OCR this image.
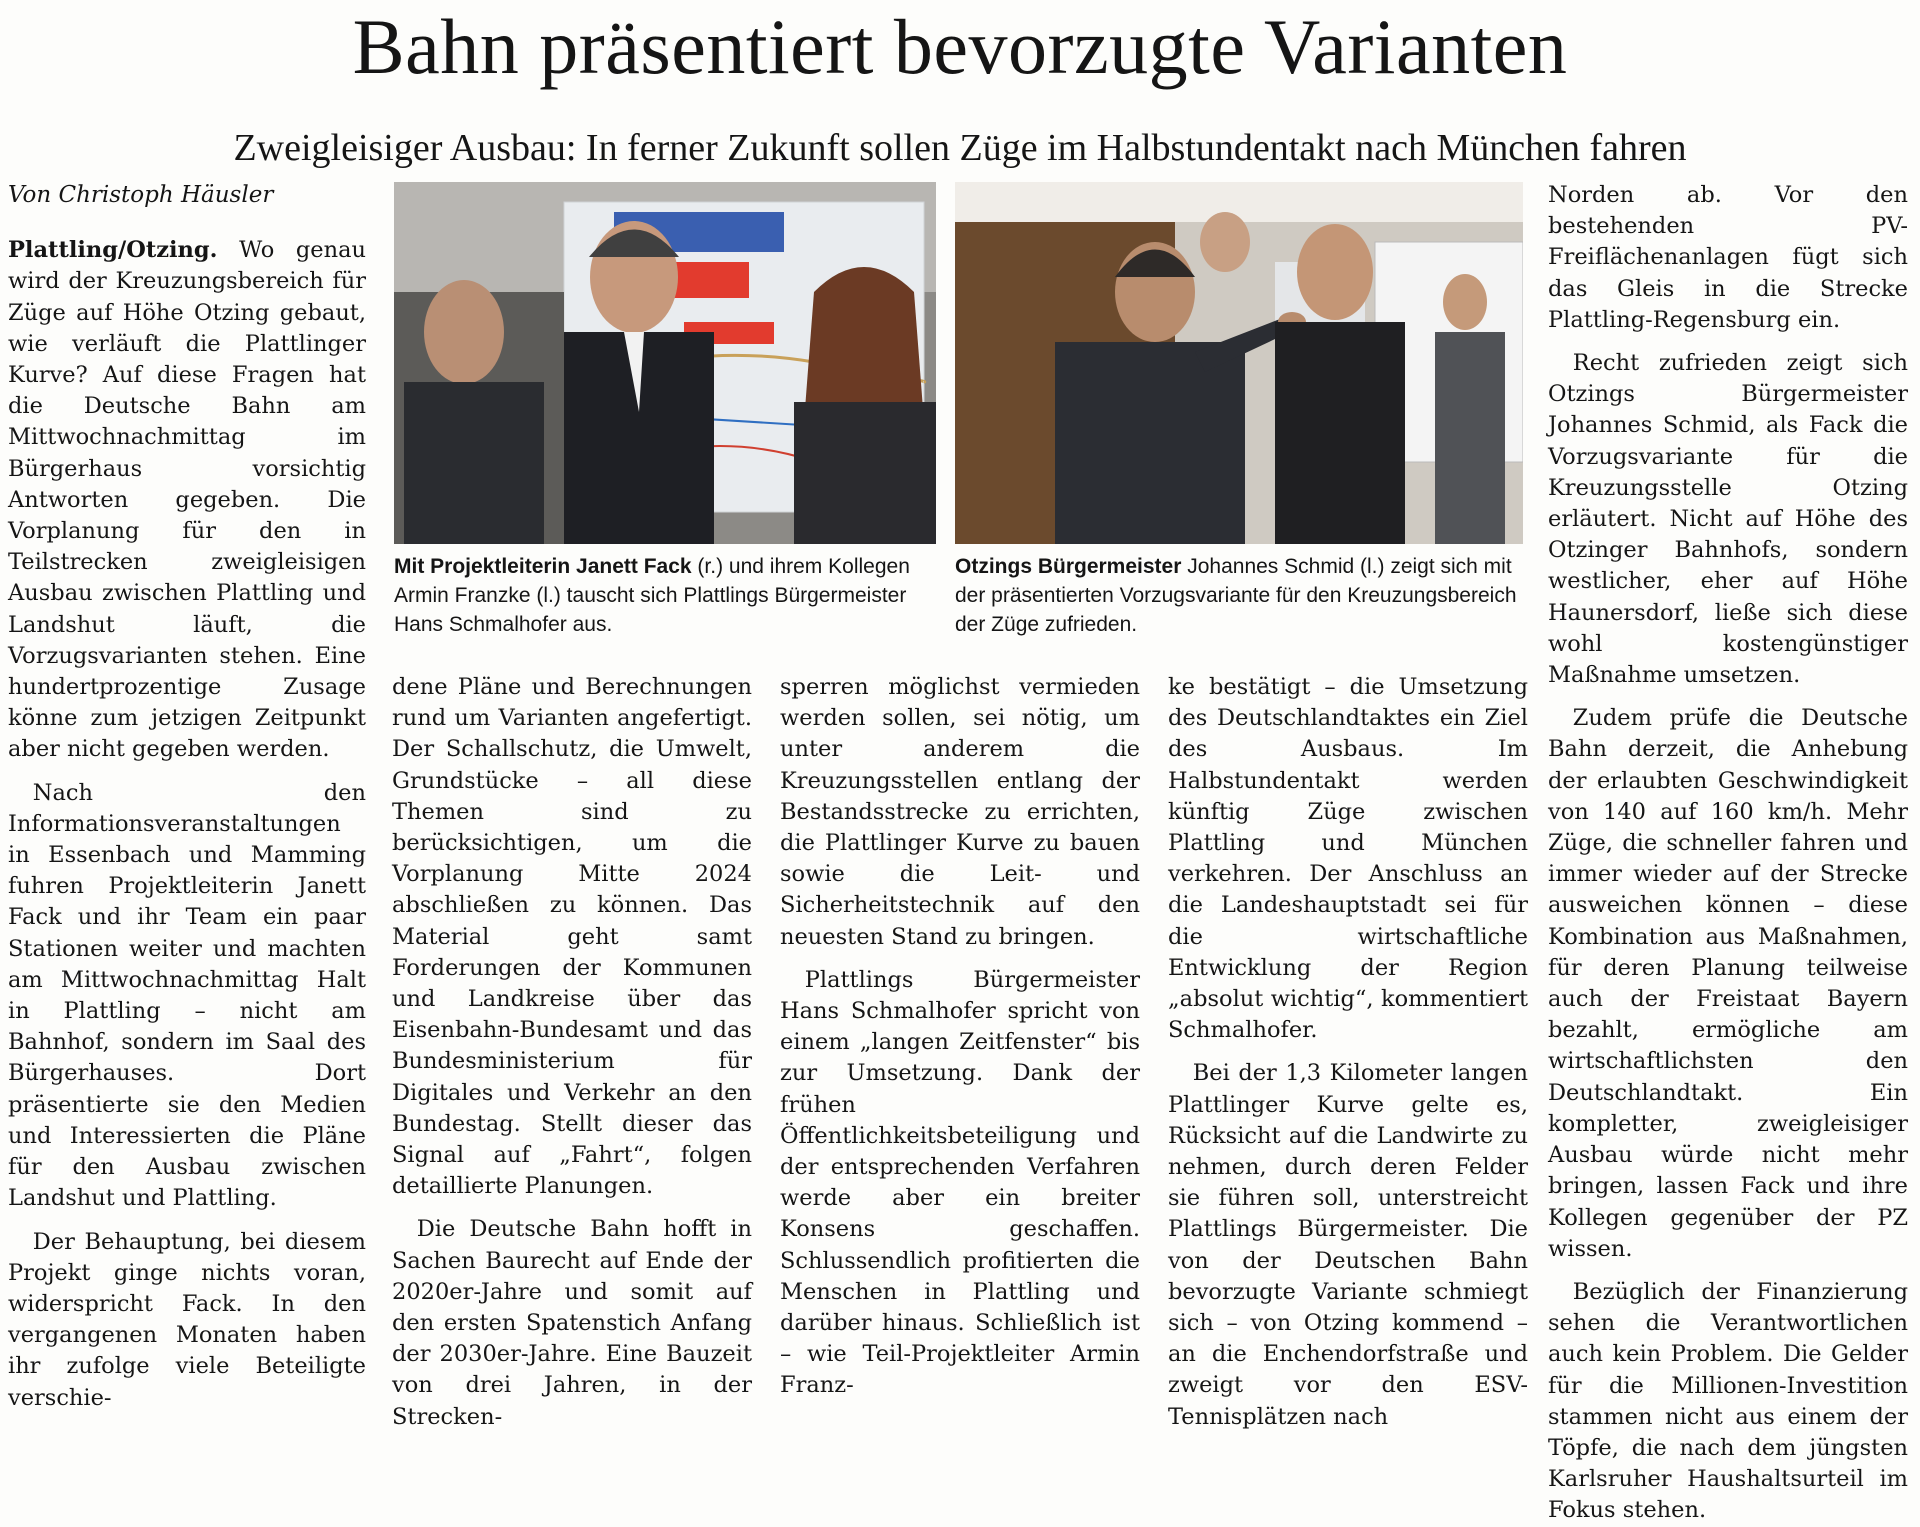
Bahn präsentiert bevorzugte Varianten
Zweigleisiger Ausbau: In ferner Zukunft sollen Züge im Halbstundentakt nach München fahren

Von Christoph Häusler

Plattling/Otzing. Wo genau wird der Kreuzungsbereich für Züge auf Höhe Otzing gebaut, wie verläuft die Plattlinger Kurve? Auf diese Fragen hat die Deutsche Bahn am Mittwochnachmittag im Bürgerhaus vorsichtig Antworten gegeben. Die Vorplanung für den in Teilstrecken zweigleisigen Ausbau zwischen Plattling und Landshut läuft, die Vorzugsvarianten stehen. Eine hundertprozentige Zusage könne zum jetzigen Zeitpunkt aber nicht gegeben werden.

Nach den Informationsveranstaltungen in Essenbach und Mamming fuhren Projektleiterin Janett Fack und ihr Team ein paar Stationen weiter und machten am Mittwochnachmittag Halt in Plattling – nicht am Bahnhof, sondern im Saal des Bürgerhauses. Dort präsentierte sie den Medien und Interessierten die Pläne für den Ausbau zwischen Landshut und Plattling.

Der Behauptung, bei diesem Projekt ginge nichts voran, widerspricht Fack. In den vergangenen Monaten haben ihr zufolge viele Beteiligte verschie-

Mit Projektleiterin Janett Fack (r.) und ihrem Kollegen Armin Franzke (l.) tauscht sich Plattlings Bürgermeister Hans Schmalhofer aus.
Otzings Bürgermeister Johannes Schmid (l.) zeigt sich mit der präsentierten Vorzugsvariante für den Kreuzungsbereich der Züge zufrieden.

dene Pläne und Berechnungen rund um Varianten angefertigt. Der Schallschutz, die Umwelt, Grundstücke – all diese Themen sind zu berücksichtigen, um die Vorplanung Mitte 2024 abschließen zu können. Das Material geht samt Forderungen der Kommunen und Landkreise über das Eisenbahn-Bundesamt und das Bundesministerium für Digitales und Verkehr an den Bundestag. Stellt dieser das Signal auf „Fahrt“, folgen detaillierte Planungen.

Die Deutsche Bahn hofft in Sachen Baurecht auf Ende der 2020er-Jahre und somit auf den ersten Spatenstich Anfang der 2030er-Jahre. Eine Bauzeit von drei Jahren, in der Strecken-

sperren möglichst vermieden werden sollen, sei nötig, um unter anderem die Kreuzungsstellen entlang der Bestandsstrecke zu errichten, die Plattlinger Kurve zu bauen sowie die Leit- und Sicherheitstechnik auf den neuesten Stand zu bringen.

Plattlings Bürgermeister Hans Schmalhofer spricht von einem „langen Zeitfenster“ bis zur Umsetzung. Dank der frühen Öffentlichkeitsbeteiligung und der entsprechenden Verfahren werde aber ein breiter Konsens geschaffen. Schlussendlich profitierten die Menschen in Plattling und darüber hinaus. Schließlich ist – wie Teil-Projektleiter Armin Franz-

ke bestätigt – die Umsetzung des Deutschlandtaktes ein Ziel des Ausbaus. Im Halbstundentakt werden künftig Züge zwischen Plattling und München verkehren. Der Anschluss an die Landeshauptstadt sei für die wirtschaftliche Entwicklung der Region „absolut wichtig“, kommentiert Schmalhofer.

Bei der 1,3 Kilometer langen Plattlinger Kurve gelte es, Rücksicht auf die Landwirte zu nehmen, durch deren Felder sie führen soll, unterstreicht Plattlings Bürgermeister. Die von der Deutschen Bahn bevorzugte Variante schmiegt sich – von Otzing kommend – an die Enchendorfstraße und zweigt vor den ESV-Tennisplätzen nach

Norden ab. Vor den bestehenden PV-Freiflächenanlagen fügt sich das Gleis in die Strecke Plattling-Regensburg ein.

Recht zufrieden zeigt sich Otzings Bürgermeister Johannes Schmid, als Fack die Vorzugsvariante für die Kreuzungsstelle Otzing erläutert. Nicht auf Höhe des Otzinger Bahnhofs, sondern westlicher, eher auf Höhe Haunersdorf, ließe sich diese wohl kostengünstiger Maßnahme umsetzen.

Zudem prüfe die Deutsche Bahn derzeit, die Anhebung der erlaubten Geschwindigkeit von 140 auf 160 km/h. Mehr Züge, die schneller fahren und immer wieder auf der Strecke ausweichen können – diese Kombination aus Maßnahmen, für deren Planung teilweise auch der Freistaat Bayern bezahlt, ermögliche am wirtschaftlichsten den Deutschlandtakt. Ein kompletter, zweigleisiger Ausbau würde nicht mehr bringen, lassen Fack und ihre Kollegen gegenüber der PZ wissen.

Bezüglich der Finanzierung sehen die Verantwortlichen auch kein Problem. Die Gelder für die Millionen-Investition stammen nicht aus einem der Töpfe, die nach dem jüngsten Karlsruher Haushaltsurteil im Fokus stehen.
